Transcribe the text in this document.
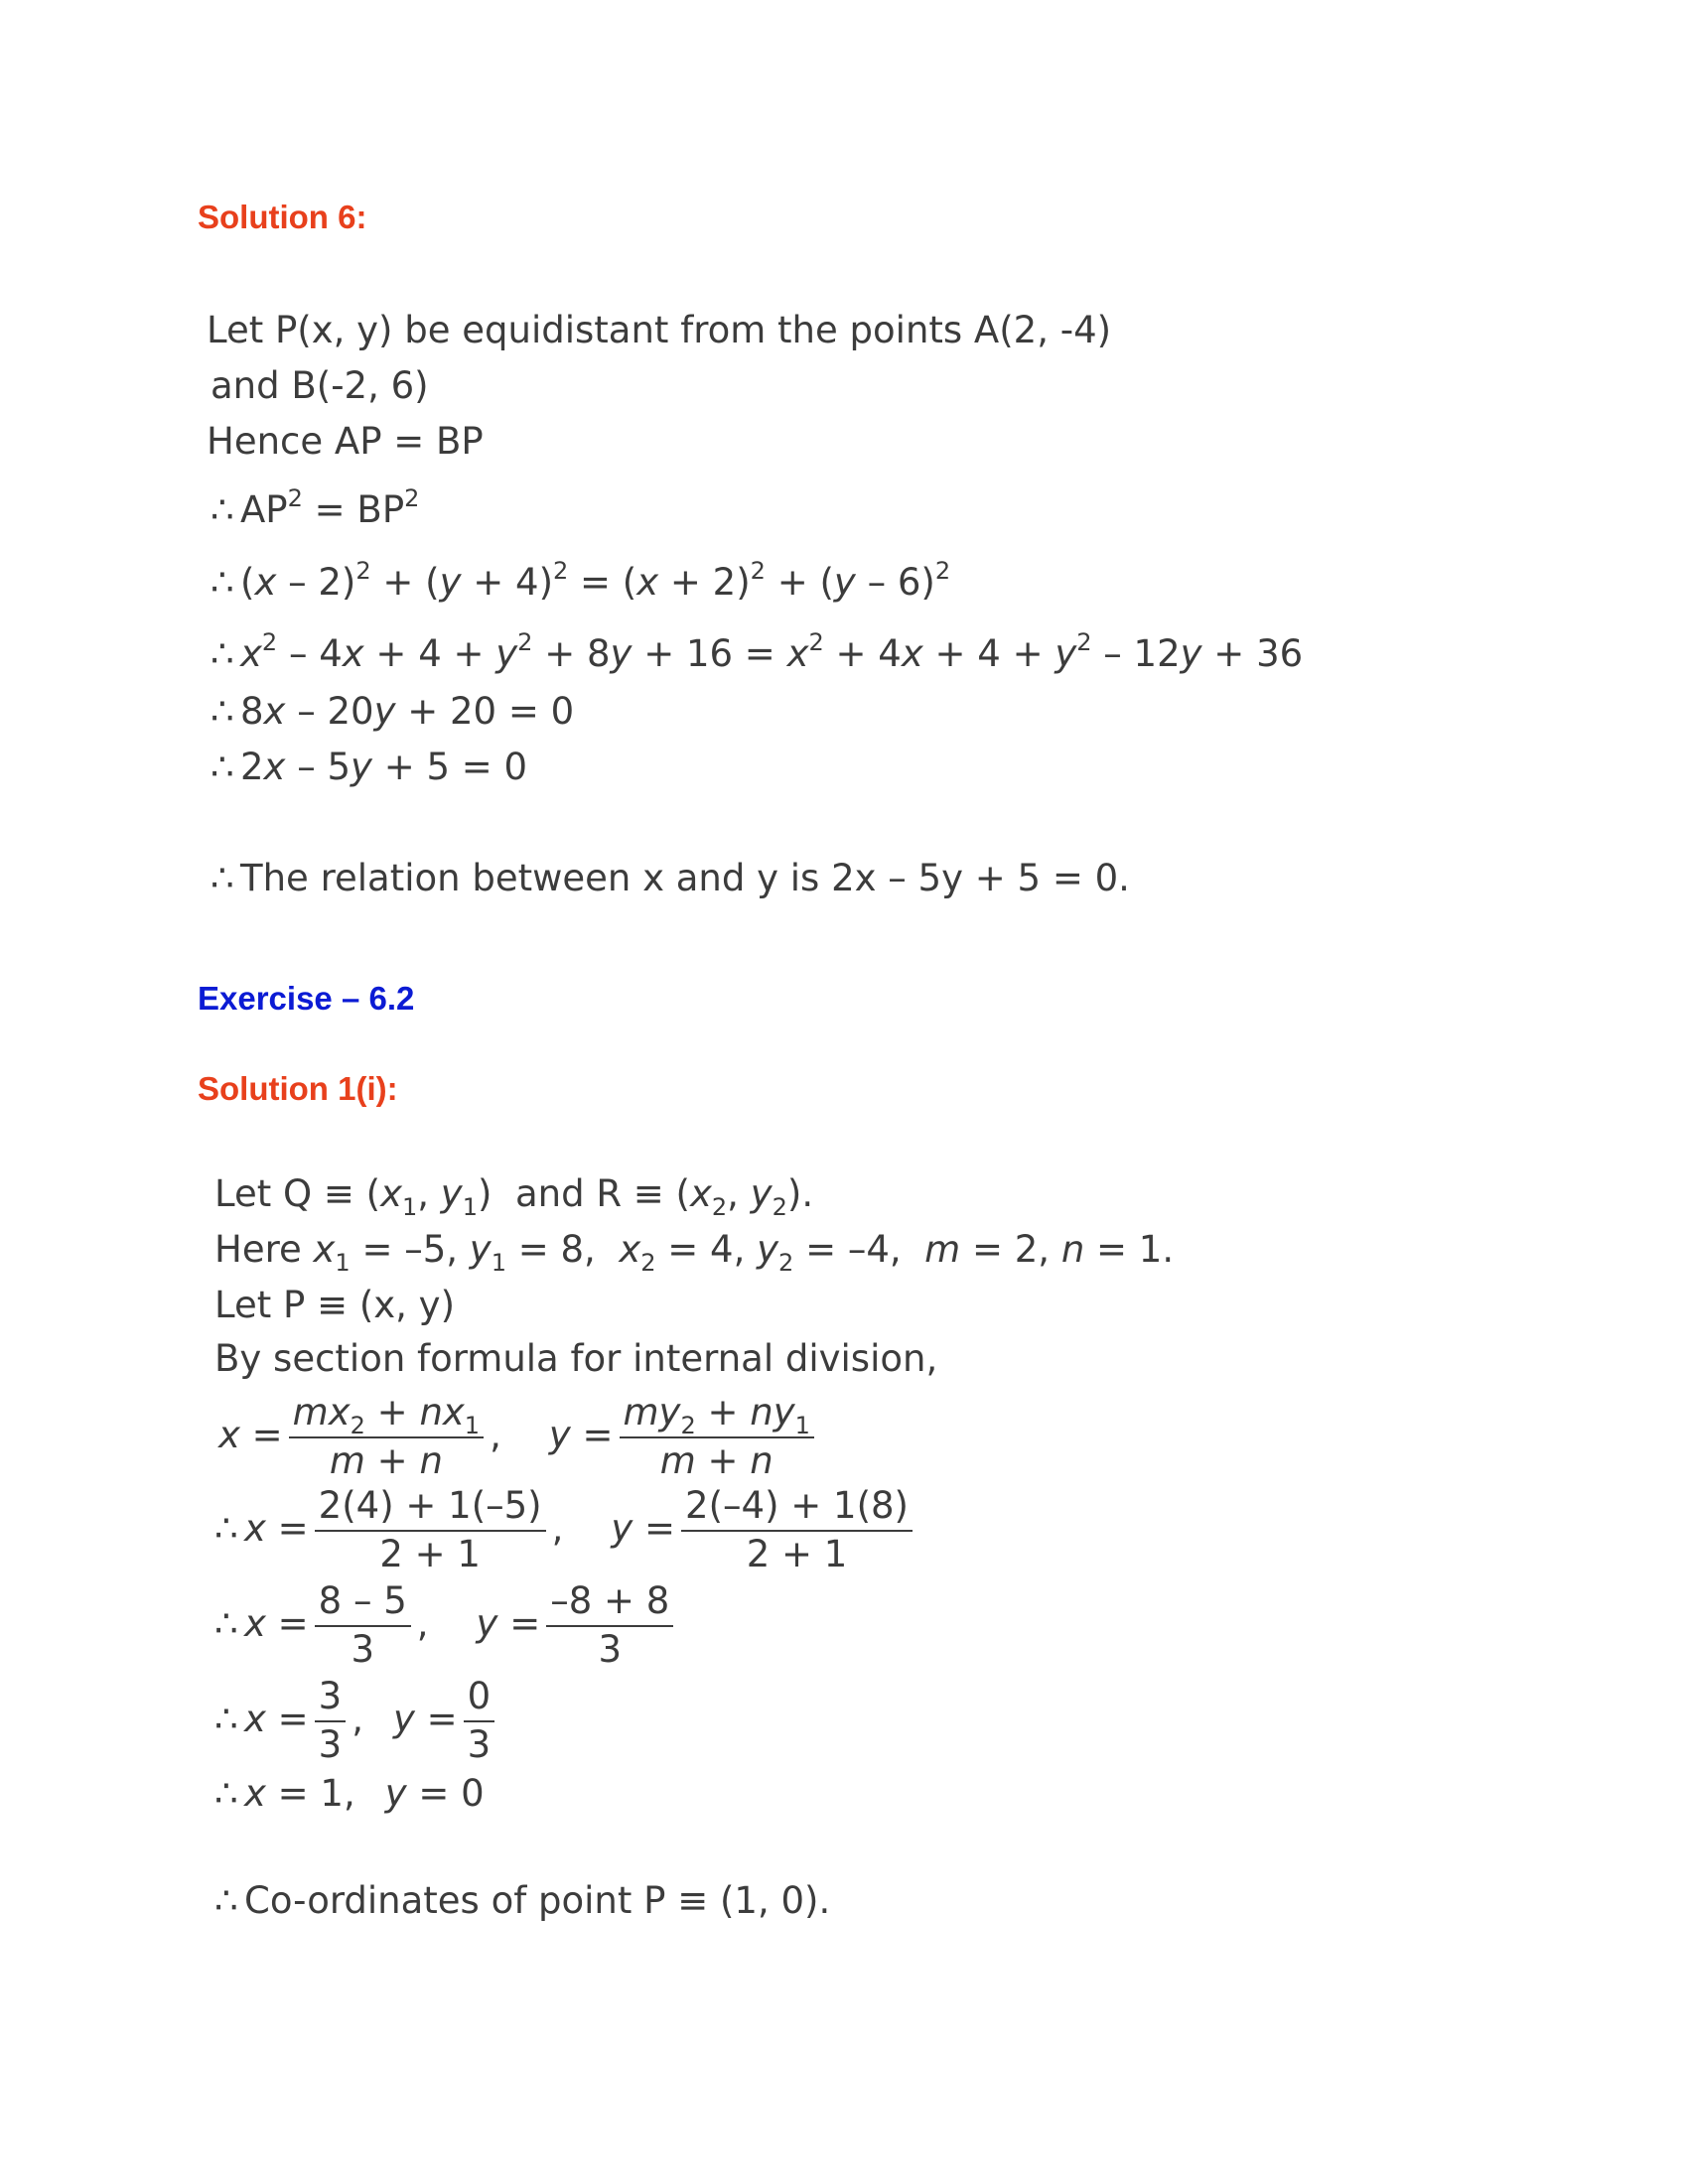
Solution 6:
Let P(x, y) be equidistant from the points A(2, -4)
and B(-2, 6)
Hence AP = BP
∴ $AP^2 = BP^2$
∴ $(x - 2)^2 + (y + 4)^2 = (x + 2)^2 + (y - 6)^2$
∴ $x^2 - 4x + 4 + y^2 + 8y + 16 = x^2 + 4x + 4 + y^2 - 12y + 36$
∴ 8x – 20y + 20 = 0
∴ 2x – 5y + 5 = 0
∴ The relation between x and y is 2x – 5y + 5 = 0.
Exercise – 6.2
Solution 1(i):
Let $Q \equiv (x_1$, $y_1$)  and $R \equiv (x_2$, $y_2$).
Here $x_1 = -5$, $y_1 = 8$,  $x_2 = 4$, $y_2 = -4$,  m = 2, n = 1.
Let P ≡ (x, y)
By section formula for internal division,
$x = \frac{mx_2 + nx_1}{m + n}$ , $y = \frac{my_2 + ny_1}{m + n}$
∴ $x = \frac{2(4) + 1(-5)}{2 + 1}$ , $y = \frac{2(-4) + 1(8)}{2 + 1}$
∴ $x = \frac{8 - 5}{3}$ , $y = \frac{-8 + 8}{3}$
∴ $x = \frac{3}{3}$ , $y = \frac{0}{3}$
∴ x = 1, y = 0
∴ Co-ordinates of point P ≡ (1, 0).
